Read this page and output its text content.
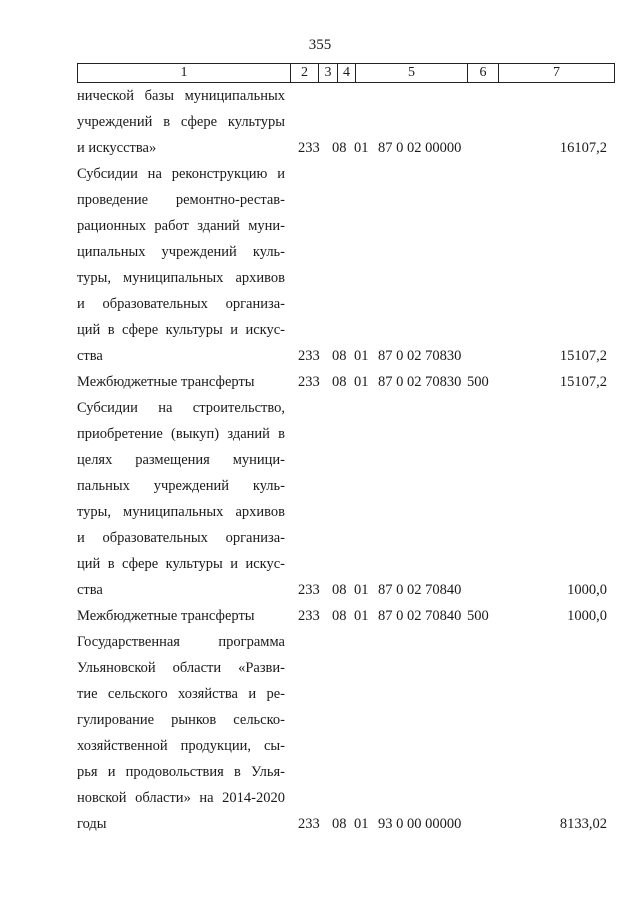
355
1	2	3 4	5	6	7
ничеcкой базы муниципальных
учреждений в сфере культуры
и искусства»	233 08 01 87 0 02 00000	16107,2
Субсидии на реконструкцию и
проведение ремонтно-рестав-
рационных работ зданий муни-
ципальных учреждений куль-
туры, муниципальных архивов
и образовательных организа-
ций в сфере культуры и искус-
ства	233 08 01 87 0 02 70830	15107,2
Межбюджетные трансферты	233 08 01 87 0 02 70830 500	15107,2
Субсидии на строительство,
приобретение (выкуп) зданий в
целях размещения муници-
пальных учреждений куль-
туры, муниципальных архивов
и образовательных организа-
ций в сфере культуры и искус-
ства	233 08 01 87 0 02 70840	1000,0
Межбюджетные трансферты	233 08 01 87 0 02 70840 500	1000,0
Государственная программа
Ульяновской области «Разви-
тие сельского хозяйства и ре-
гулирование рынков сельско-
хозяйственной продукции, сы-
рья и продовольствия в Улья-
новской области» на 2014-2020
годы	233 08 01 93 0 00 00000	8133,02
